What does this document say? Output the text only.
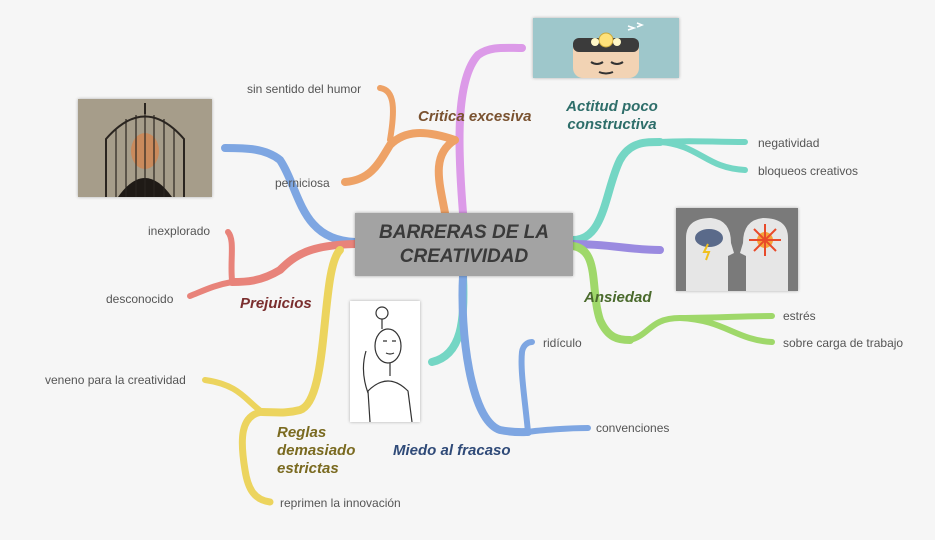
BARRERAS DE LA CREATIVIDAD
Critica excesiva
sin sentido del humor
perniciosa
Actitud poco constructiva
negatividad
bloqueos creativos
Ansiedad
estrés
sobre carga de trabajo
Miedo al fracaso
ridículo
convenciones
Reglas demasiado estrictas
veneno para la creatividad
reprimen la innovación
Prejuicios
inexplorado
desconocido
